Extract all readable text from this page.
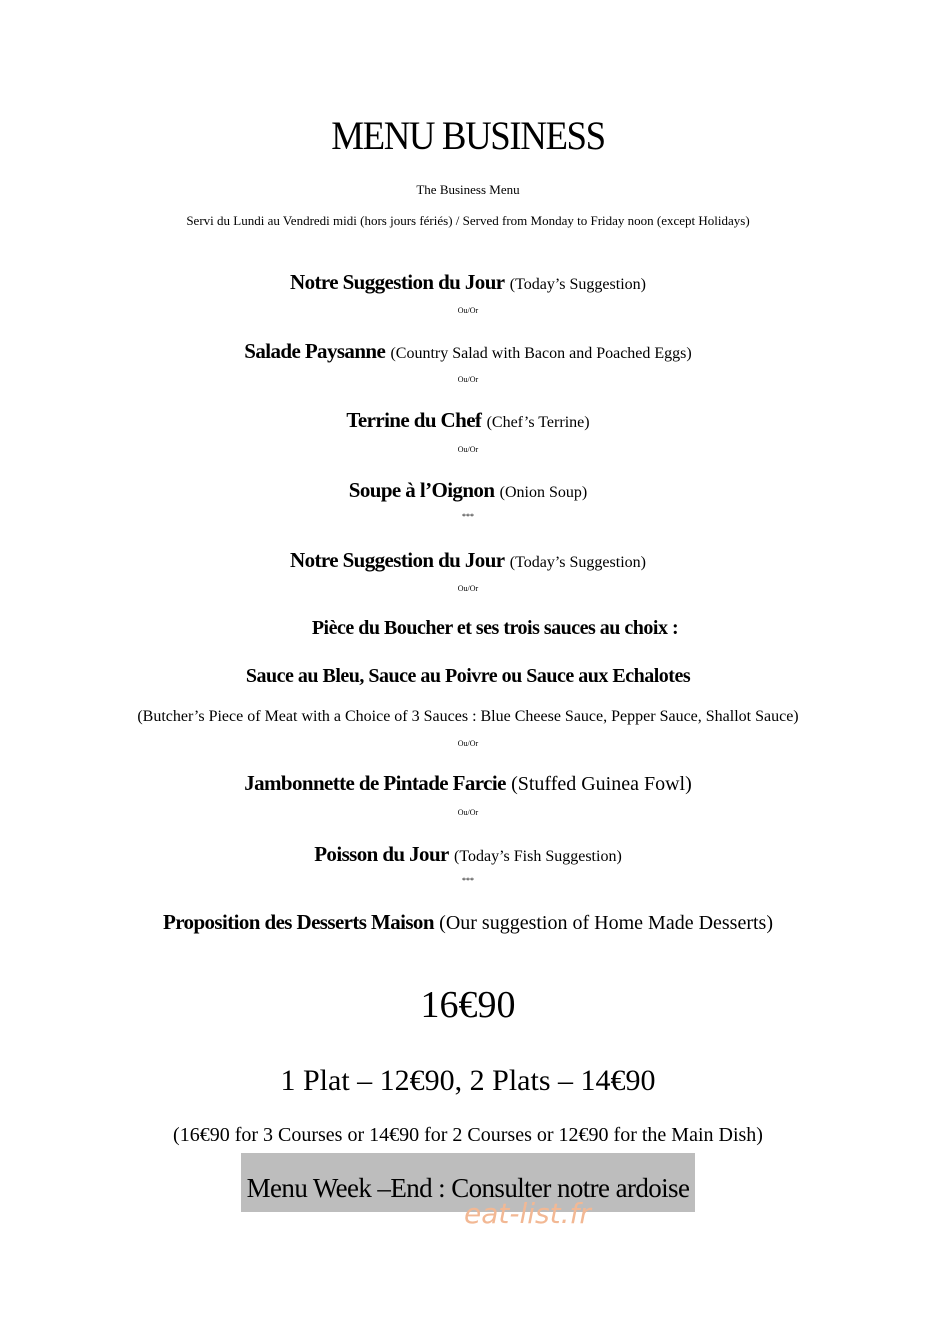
MENU BUSINESS
The Business Menu
Servi du Lundi au Vendredi midi (hors jours fériés) / Served from Monday to Friday noon (except Holidays)
Notre Suggestion du Jour (Today’s Suggestion)
Ou/Or
Salade Paysanne (Country Salad with Bacon and Poached Eggs)
Ou/Or
Terrine du Chef (Chef’s Terrine)
Ou/Or
Soupe à l’Oignon (Onion Soup)
***
Notre Suggestion du Jour (Today’s Suggestion)
Ou/Or
Pièce du Boucher et ses trois sauces au choix :
Sauce au Bleu, Sauce au Poivre ou Sauce aux Echalotes
(Butcher’s Piece of Meat with a Choice of 3 Sauces : Blue Cheese Sauce, Pepper Sauce, Shallot Sauce)
Ou/Or
Jambonnette de Pintade Farcie (Stuffed Guinea Fowl)
Ou/Or
Poisson du Jour (Today’s Fish Suggestion)
***
Proposition des Desserts Maison (Our suggestion of Home Made Desserts)
16€90
1 Plat – 12€90, 2 Plats – 14€90
(16€90 for 3 Courses or 14€90 for 2 Courses or 12€90 for the Main Dish)
Menu Week –End : Consulter notre ardoise
eat-list.fr
